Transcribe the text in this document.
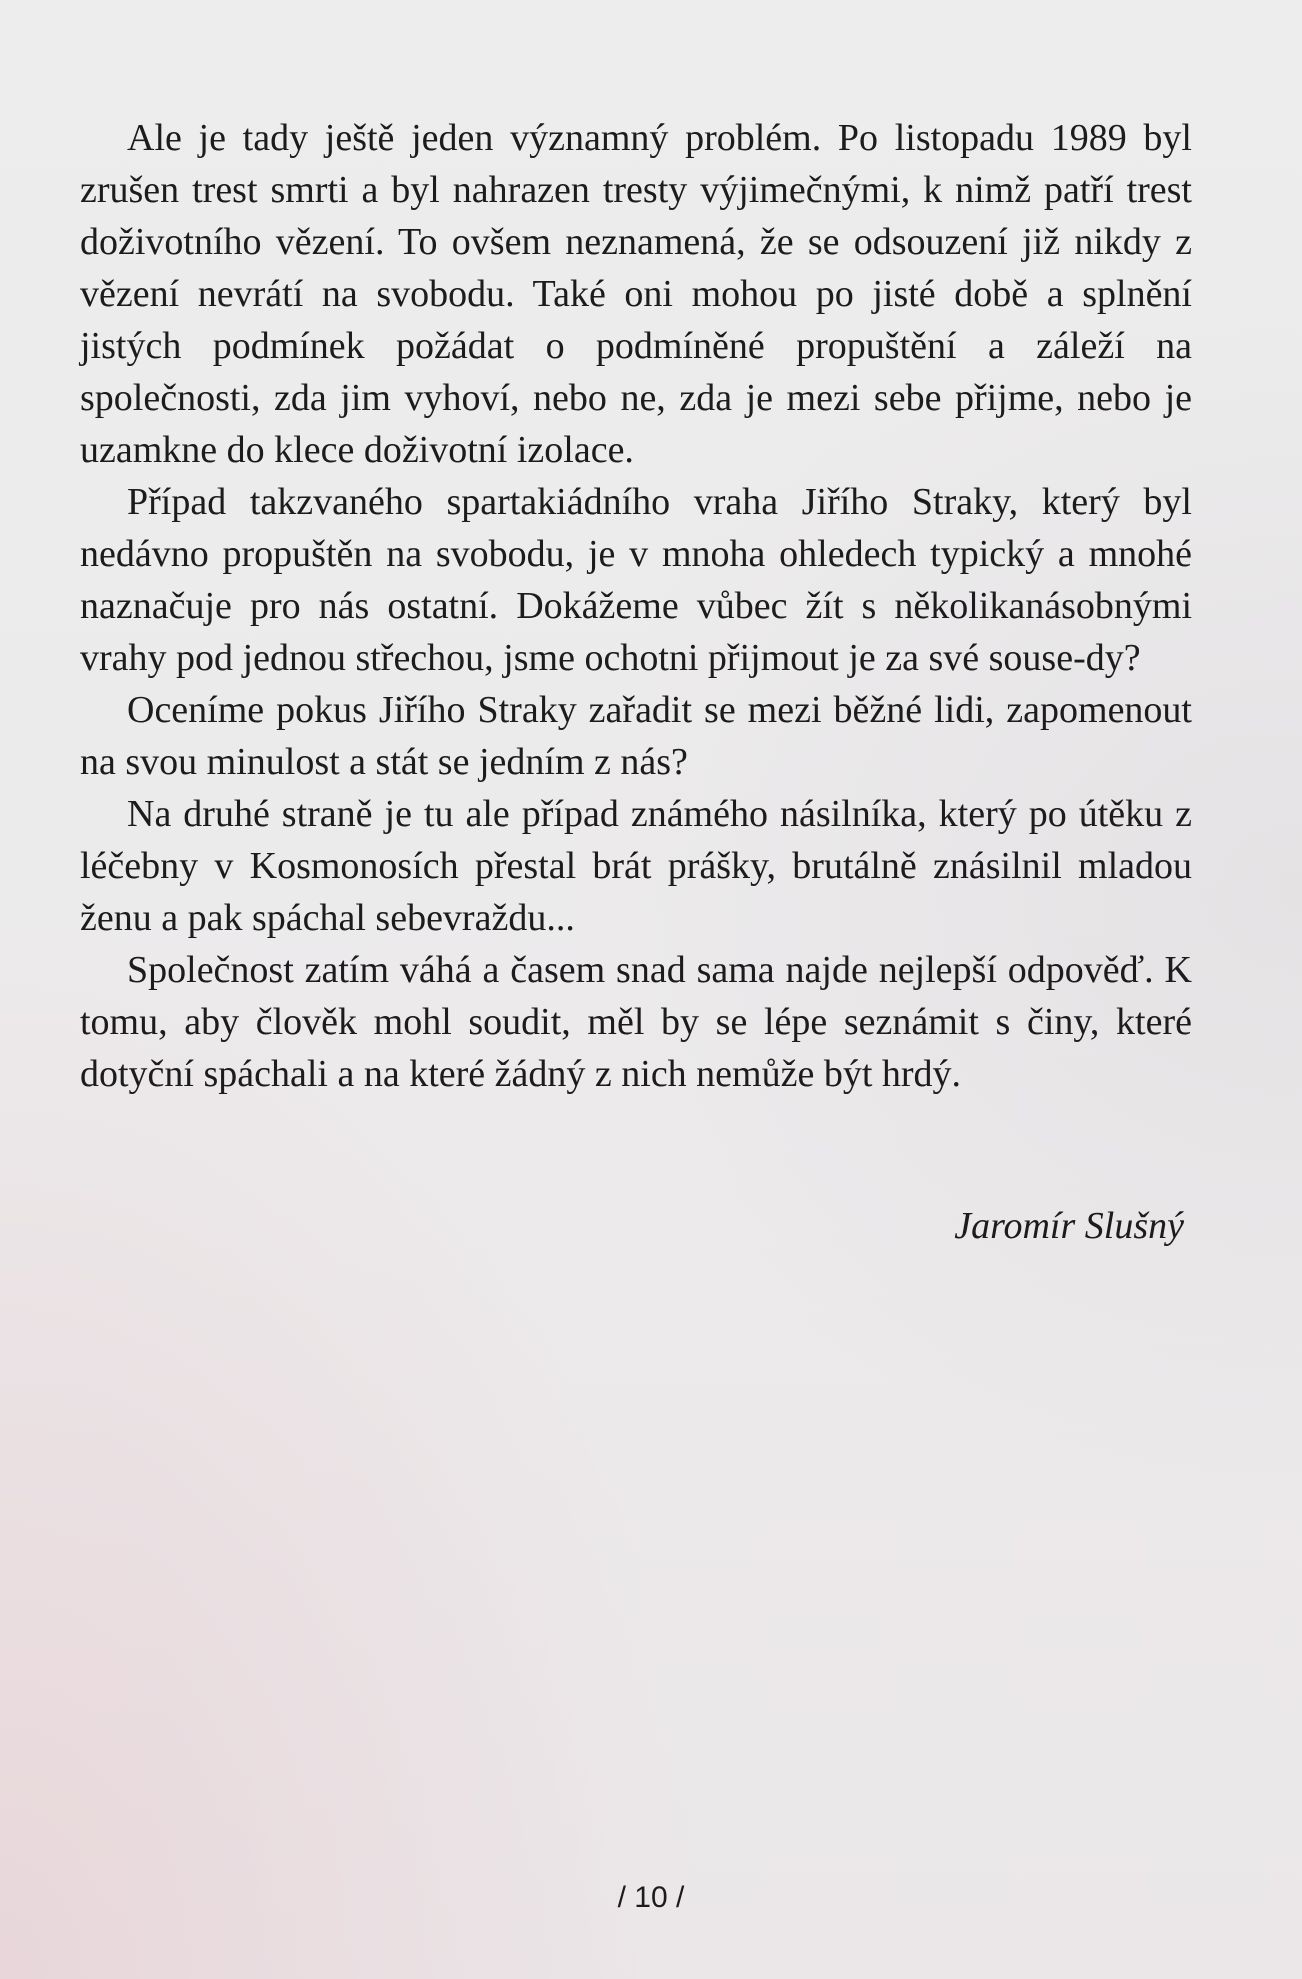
Ale je tady ještě jeden významný problém. Po listopadu 1989 byl zrušen trest smrti a byl nahrazen tresty výjimečnými, k nimž patří trest doživotního vězení. To ovšem neznamená, že se odsouzení již nikdy z vězení nevrátí na svobodu. Také oni mohou po jisté době a splnění jistých podmínek požádat o podmíněné propuštění a záleží na společnosti, zda jim vyhoví, nebo ne, zda je mezi sebe přijme, nebo je uzamkne do klece doživotní izolace.

Případ takzvaného spartakiádního vraha Jiřího Straky, který byl nedávno propuštěn na svobodu, je v mnoha ohledech typický a mnohé naznačuje pro nás ostatní. Dokážeme vůbec žít s několikanásobnými vrahy pod jednou střechou, jsme ochotni přijmout je za své souse-dy?

Oceníme pokus Jiřího Straky zařadit se mezi běžné lidi, zapomenout na svou minulost a stát se jedním z nás?

Na druhé straně je tu ale případ známého násilníka, který po útěku z léčebny v Kosmonosích přestal brát prášky, brutálně znásilnil mladou ženu a pak spáchal sebevraždu...

Společnost zatím váhá a časem snad sama najde nejlepší odpověď. K tomu, aby člověk mohl soudit, měl by se lépe seznámit s činy, které dotyční spáchali a na které žádný z nich nemůže být hrdý.

Jaromír Slušný
/ 10 /
